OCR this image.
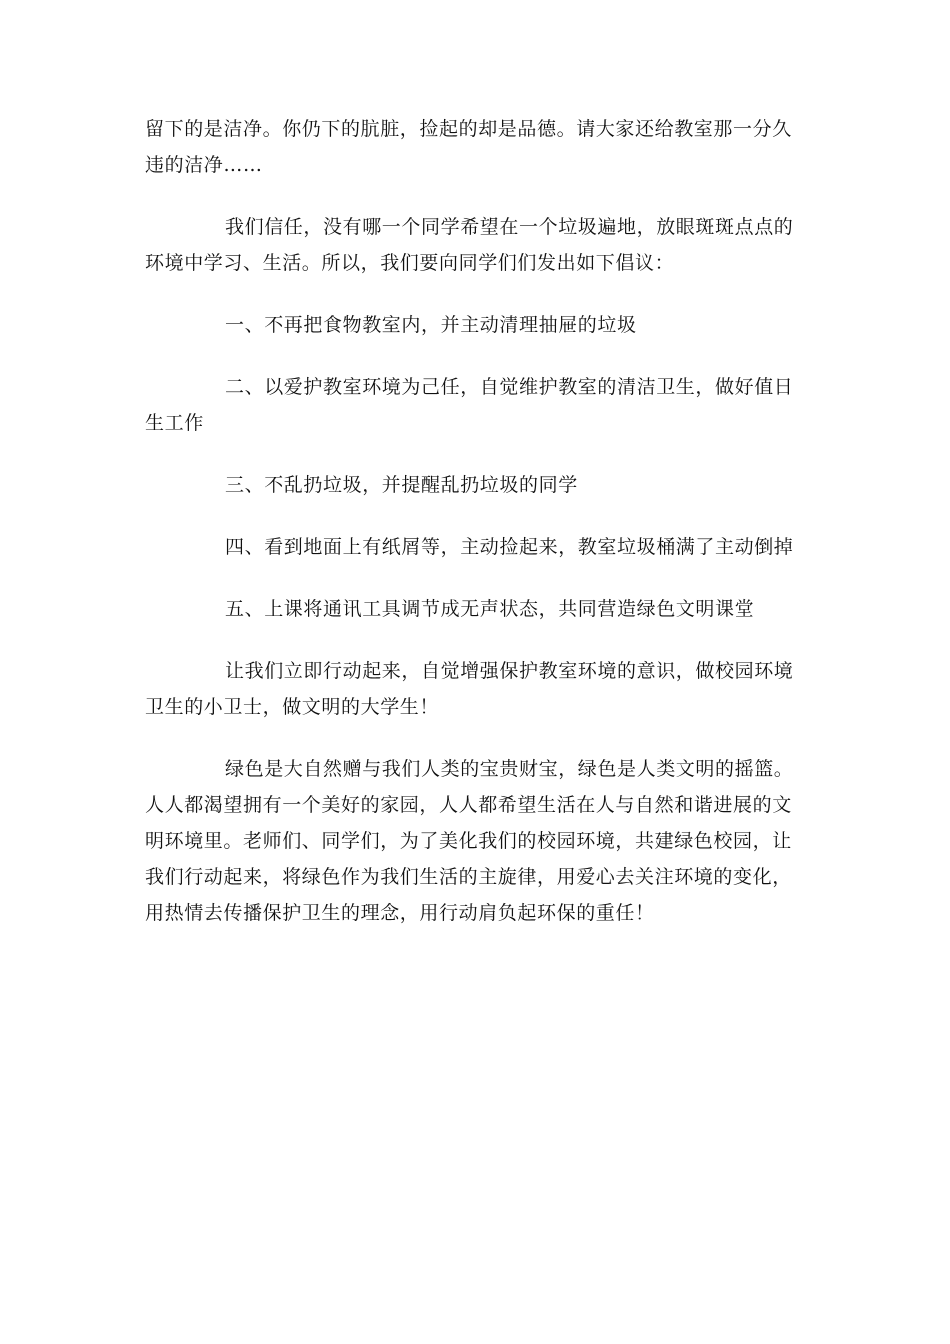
留下的是洁净。你仍下的肮脏，捡起的却是品德。请大家还给教室那一分久违的洁净……

我们信任，没有哪一个同学希望在一个垃圾遍地，放眼斑斑点点的环境中学习、生活。所以，我们要向同学们们发出如下倡议：

一、不再把食物教室内，并主动清理抽屉的垃圾

二、以爱护教室环境为己任，自觉维护教室的清洁卫生，做好值日生工作

三、不乱扔垃圾，并提醒乱扔垃圾的同学

四、看到地面上有纸屑等，主动捡起来，教室垃圾桶满了主动倒掉

五、上课将通讯工具调节成无声状态，共同营造绿色文明课堂

让我们立即行动起来，自觉增强保护教室环境的意识，做校园环境卫生的小卫士，做文明的大学生！

绿色是大自然赠与我们人类的宝贵财宝，绿色是人类文明的摇篮。人人都渴望拥有一个美好的家园，人人都希望生活在人与自然和谐进展的文明环境里。老师们、同学们，为了美化我们的校园环境，共建绿色校园，让我们行动起来，将绿色作为我们生活的主旋律，用爱心去关注环境的变化，用热情去传播保护卫生的理念，用行动肩负起环保的重任！
